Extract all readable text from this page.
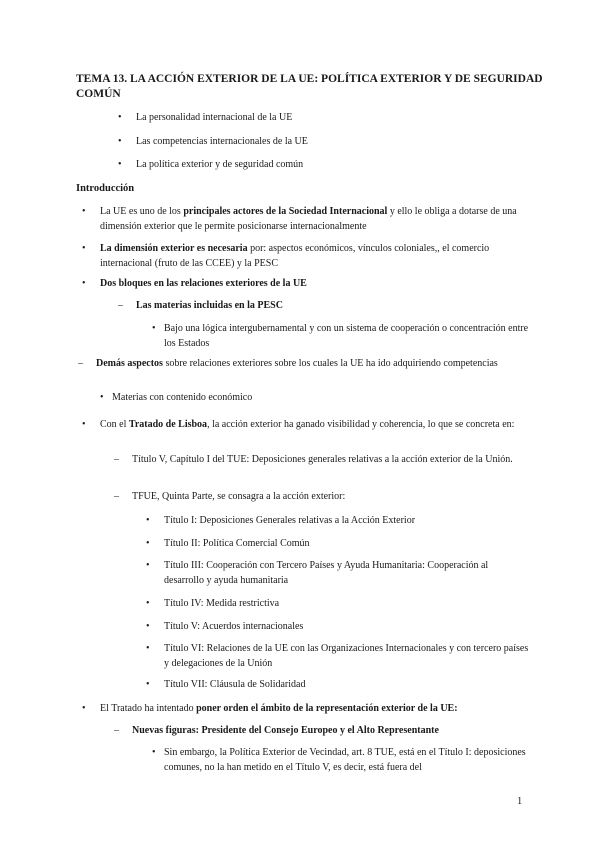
TEMA 13. LA ACCIÓN EXTERIOR DE LA UE: POLÍTICA EXTERIOR Y DE SEGURIDAD COMÚN
• La personalidad internacional de la UE
• Las competencias internacionales de la UE
• La política exterior y de seguridad común
Introducción
• La UE es uno de los principales actores de la Sociedad Internacional y ello le obliga a dotarse de una dimensión exterior que le permite posicionarse internacionalmente
• La dimensión exterior es necesaria por: aspectos económicos, vínculos coloniales,, el comercio internacional (fruto de las CCEE) y la PESC
• Dos bloques en las relaciones exteriores de la UE
– Las materias incluidas en la PESC
• Bajo una lógica intergubernamental y con un sistema de cooperación o concentración entre los Estados
– Demás aspectos sobre relaciones exteriores sobre los cuales la UE ha ido adquiriendo competencias
• Materias con contenido económico
• Con el Tratado de Lisboa, la acción exterior ha ganado visibilidad y coherencia, lo que se concreta en:
– Título V, Capítulo I del TUE: Deposiciones generales relativas a la acción exterior de la Unión.
– TFUE, Quinta Parte, se consagra a la acción exterior:
• Título I: Deposiciones Generales relativas a la Acción Exterior
• Título II: Política Comercial Común
• Título III: Cooperación con Tercero Países y Ayuda Humanitaria: Cooperación al desarrollo y ayuda humanitaria
• Título IV: Medida restrictiva
• Título V: Acuerdos internacionales
• Título VI: Relaciones de la UE con las Organizaciones Internacionales y con tercero países y delegaciones de la Unión
• Título VII: Cláusula de Solidaridad
• El Tratado ha intentado poner orden el ámbito de la representación exterior de la UE:
– Nuevas figuras: Presidente del Consejo Europeo y el Alto Representante
• Sin embargo, la Política Exterior de Vecindad, art. 8 TUE, está en el Título I: deposiciones comunes, no la han metido en el Título V, es decir, está fuera del
1
